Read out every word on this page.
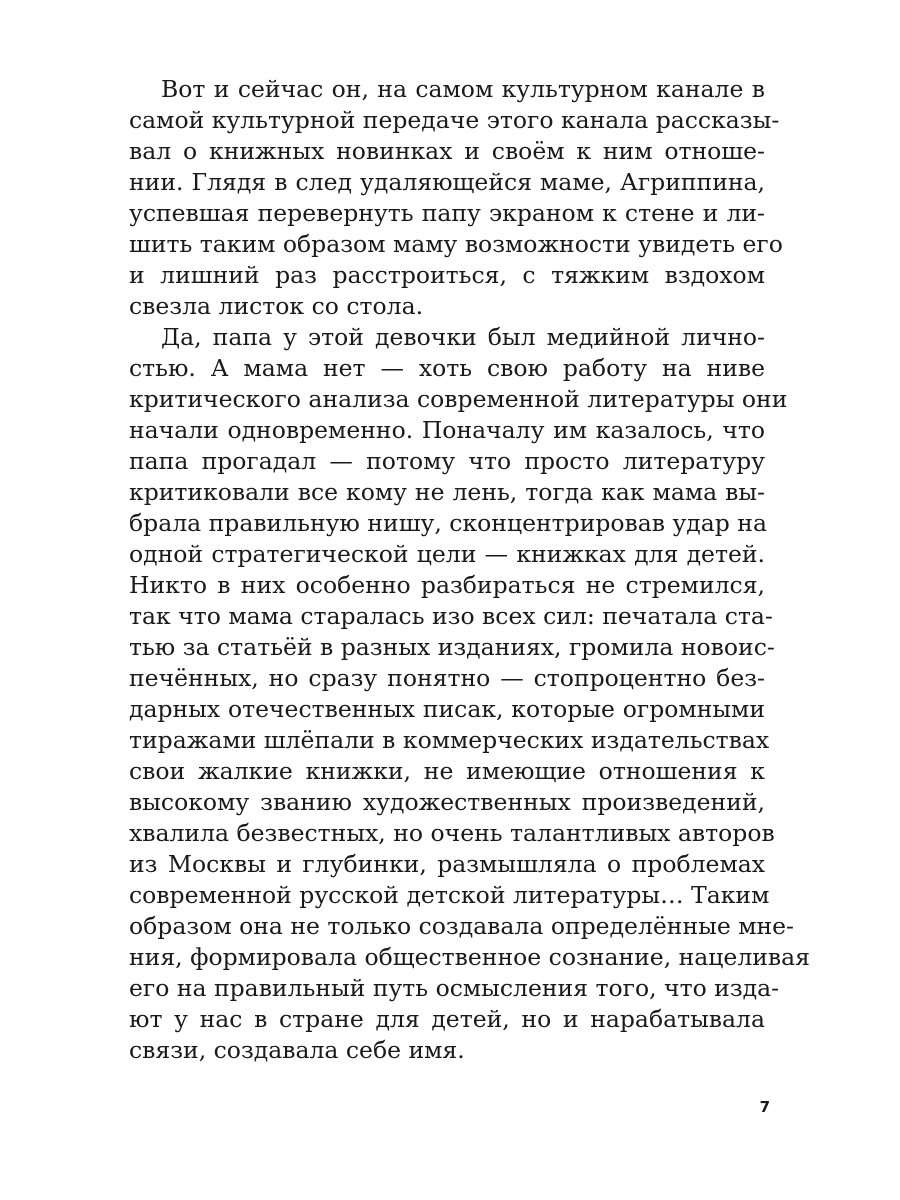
Вот и сейчас он, на самом культурном канале в
самой культурной передаче этого канала рассказы-
вал о книжных новинках и своём к ним отноше-
нии. Глядя в след удаляющейся маме, Агриппина,
успевшая перевернуть папу экраном к стене и ли-
шить таким образом маму возможности увидеть его
и лишний раз расстроиться, с тяжким вздохом
свезла листок со стола.
Да, папа у этой девочки был медийной лично-
стью. А мама нет — хоть свою работу на ниве
критического анализа современной литературы они
начали одновременно. Поначалу им казалось, что
папа прогадал — потому что просто литературу
критиковали все кому не лень, тогда как мама вы-
брала правильную нишу, сконцентрировав удар на
одной стратегической цели — книжках для детей.
Никто в них особенно разбираться не стремился,
так что мама старалась изо всех сил: печатала ста-
тью за статьёй в разных изданиях, громила новоис-
печённых, но сразу понятно — стопроцентно без-
дарных отечественных писак, которые огромными
тиражами шлёпали в коммерческих издательствах
свои жалкие книжки, не имеющие отношения к
высокому званию художественных произведений,
хвалила безвестных, но очень талантливых авторов
из Москвы и глубинки, размышляла о проблемах
современной русской детской литературы… Таким
образом она не только создавала определённые мне-
ния, формировала общественное сознание, нацеливая
его на правильный путь осмысления того, что изда-
ют у нас в стране для детей, но и нарабатывала
связи, создавала себе имя.
7
